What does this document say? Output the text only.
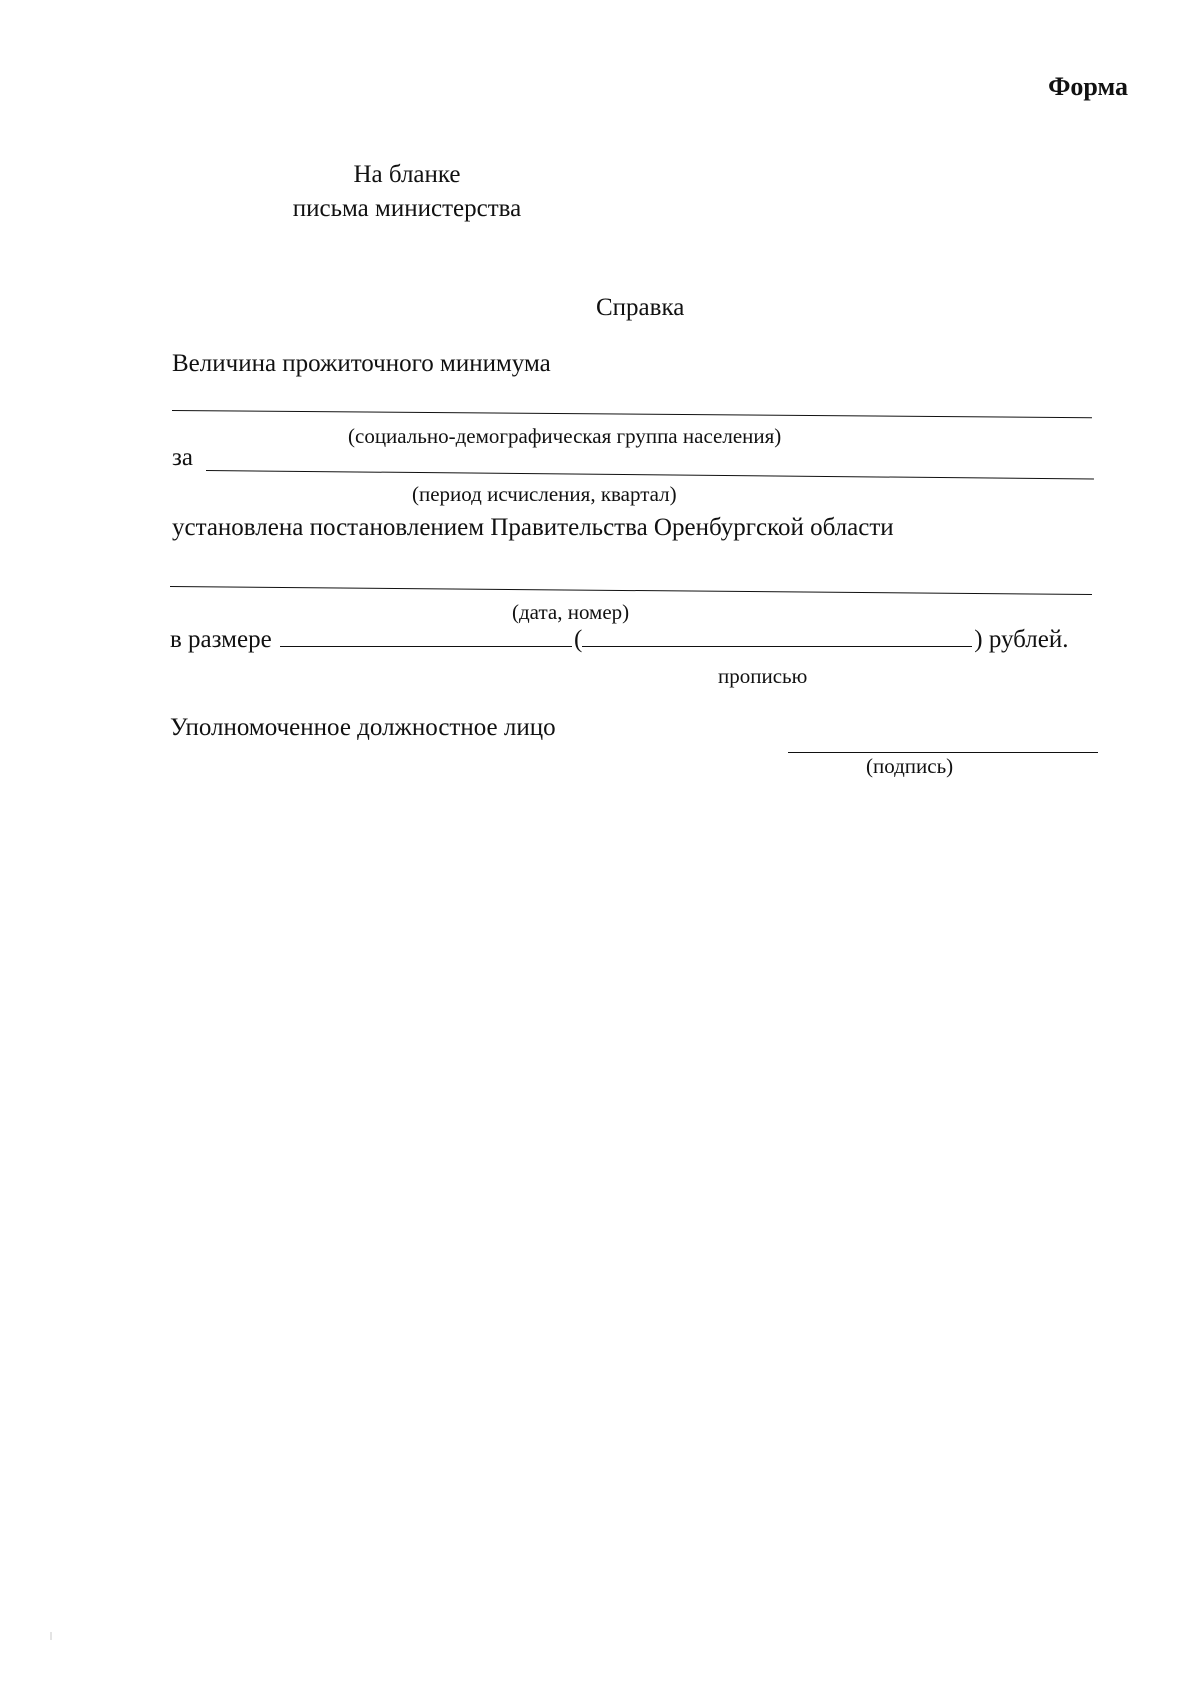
Форма
На бланке
письма министерства
Справка
Величина прожиточного минимума
(социально-демографическая группа населения)
за
(период исчисления, квартал)
установлена постановлением Правительства Оренбургской области
(дата, номер)
в размере	(	) рублей.
прописью
Уполномоченное должностное лицо
(подпись)
